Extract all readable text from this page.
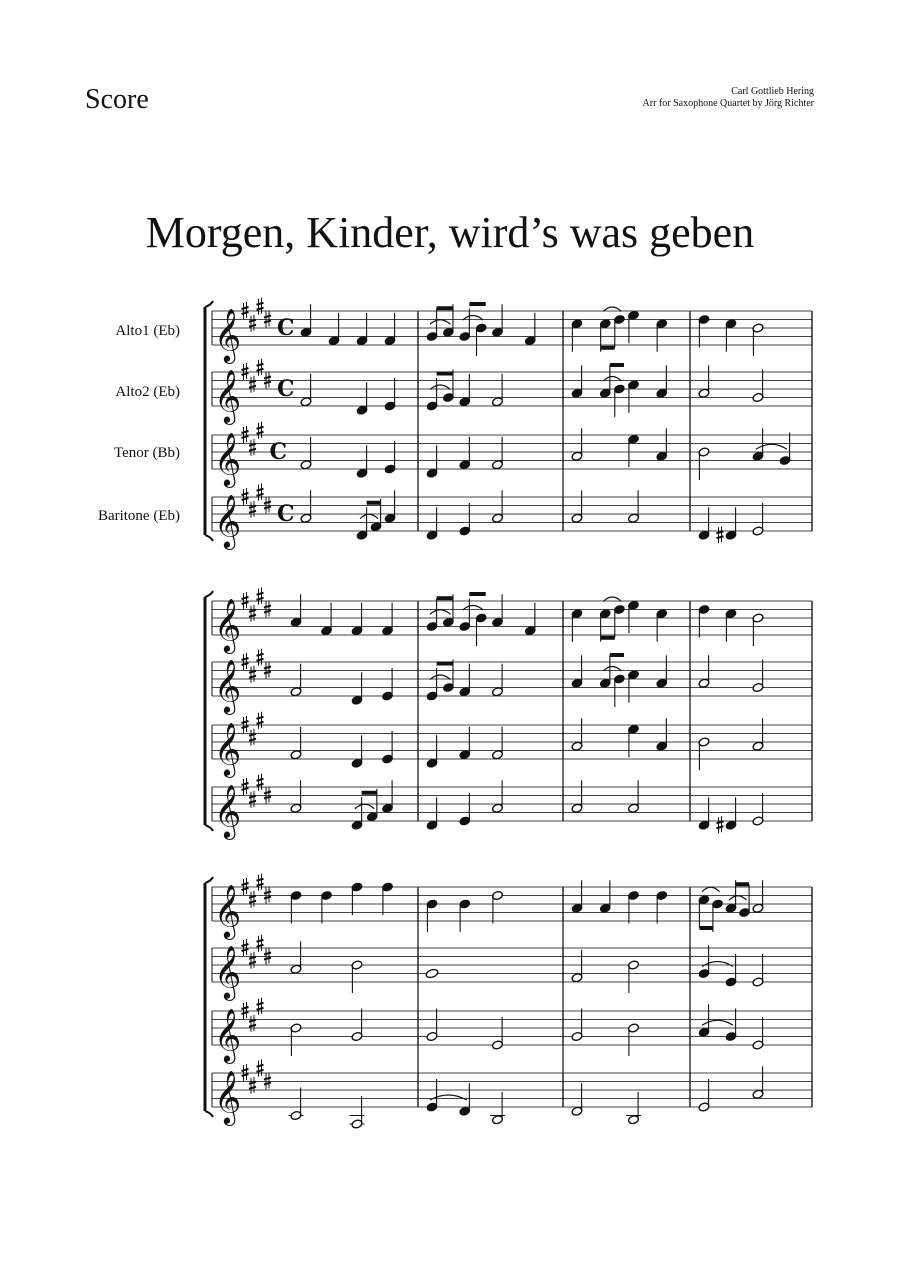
Score	Carl Gottlieb Hering
Arr for Saxophone Quartet by Jörg Richter
Morgen, Kinder, wird’s was geben
Alto1 (Eb)
Alto2 (Eb)
Tenor (Bb)
Baritone (Eb)
𝄞 C
𝄞 C
𝄞 C
𝄞 C
𝄞
𝄞
𝄞
𝄞
𝄞
𝄞
𝄞
𝄞
